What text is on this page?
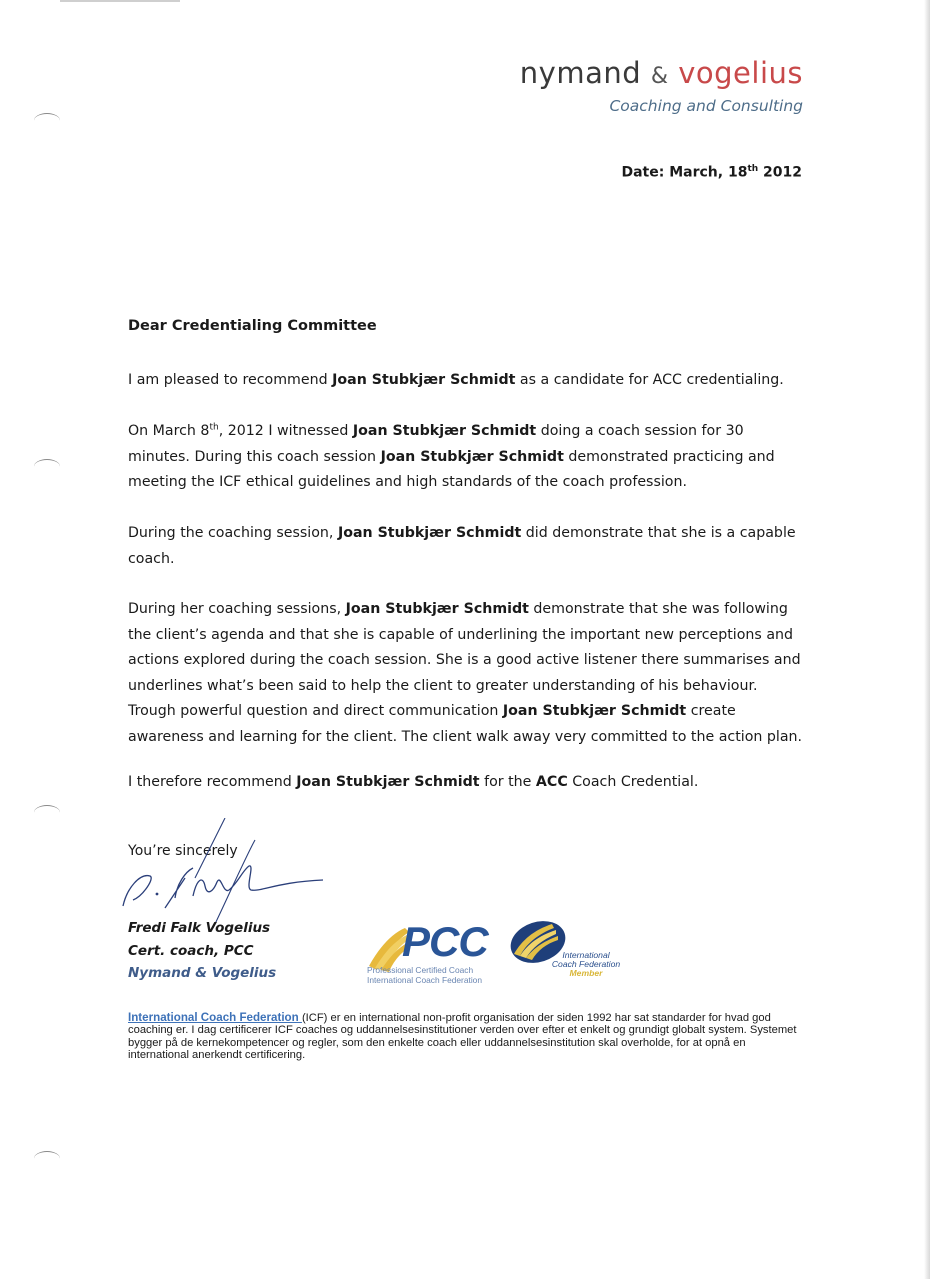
nymand & vogelius
Coaching and Consulting
Date: March, 18th 2012
Dear Credentialing Committee
I am pleased to recommend Joan Stubkjær Schmidt as a candidate for ACC credentialing.
On March 8th, 2012 I witnessed Joan Stubkjær Schmidt doing a coach session for 30 minutes. During this coach session Joan Stubkjær Schmidt demonstrated practicing and meeting the ICF ethical guidelines and high standards of the coach profession.
During the coaching session, Joan Stubkjær Schmidt did demonstrate that she is a capable coach.
During her coaching sessions, Joan Stubkjær Schmidt demonstrate that she was following the client’s agenda and that she is capable of underlining the important new perceptions and actions explored during the coach session. She is a good active listener there summarises and underlines what’s been said to help the client to greater understanding of his behaviour. Trough powerful question and direct communication Joan Stubkjær Schmidt create awareness and learning for the client. The client walk away very committed to the action plan.
I therefore recommend Joan Stubkjær Schmidt for the ACC Coach Credential.
You’re sincerely
Fredi Falk Vogelius
Cert. coach, PCC
Nymand & Vogelius
PCC
Professional Certified Coach
International Coach Federation
International
Coach Federation
Member
International Coach Federation (ICF) er en international non-profit organisation der siden 1992 har sat standarder for hvad god coaching er. I dag certificerer ICF coaches og uddannelsesinstitutioner verden over efter et enkelt og grundigt globalt system. Systemet bygger på de kernekompetencer og regler, som den enkelte coach eller uddannelsesinstitution skal overholde, for at opnå en international anerkendt certificering.
